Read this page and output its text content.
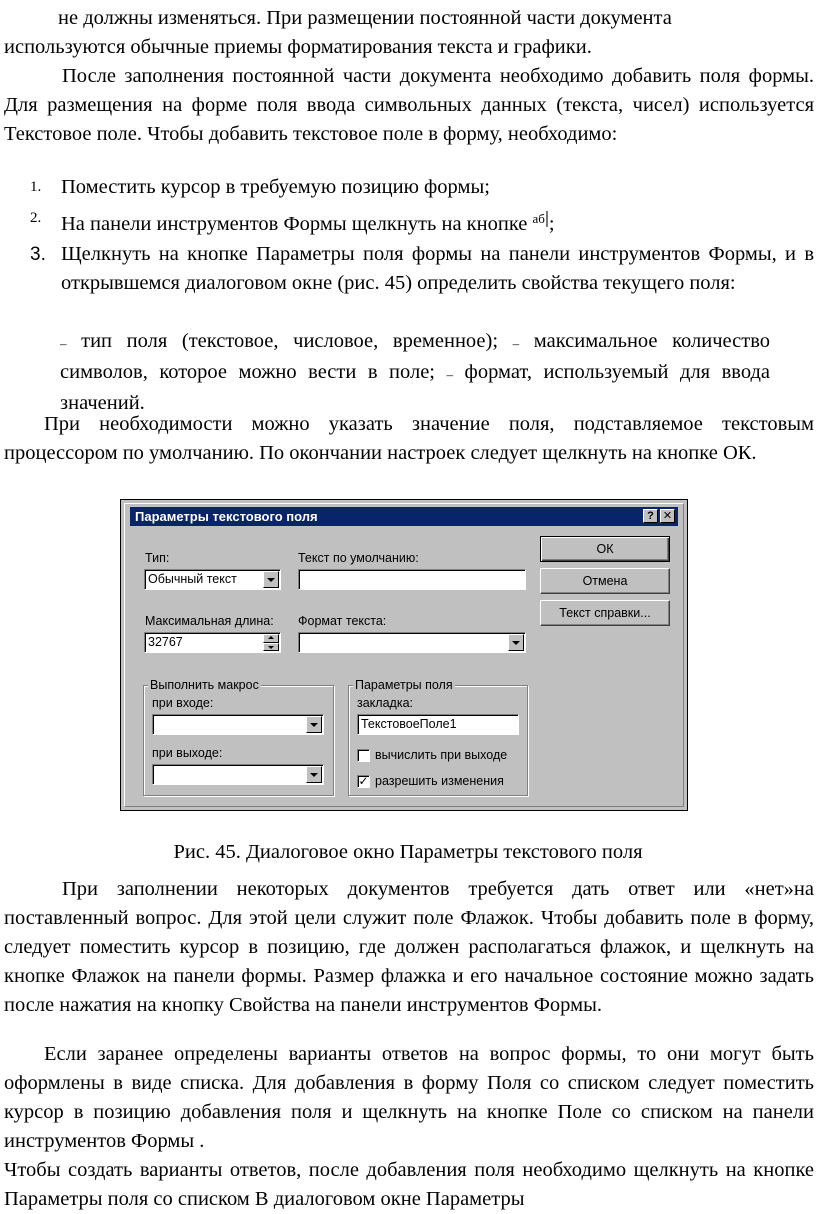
не должны изменяться. При размещении постоянной части документа

используются обычные приемы форматирования текста и графики.

После заполнения постоянной части документа необходимо добавить поля формы. Для размещения на форме поля ввода символьных данных (текста, чисел) используется Текстовое поле. Чтобы добавить текстовое поле в форму, необходимо:

1. Поместить курсор в требуемую позицию формы;

2. На панели инструментов Формы щелкнуть на кнопке $^{аб}$ ;

3. Щелкнуть на кнопке Параметры поля формы на панели инструментов Формы, и в открывшемся диалоговом окне (рис. 45) определить свойства текущего поля:

– тип поля (текстовое, числовое, временное); – максимальное количество символов, которое можно вести в поле; – формат, используемый для ввода значений.

При необходимости можно указать значение поля, подставляемое текстовым процессором по умолчанию. По окончании настроек следует щелкнуть на кнопке ОК.

Параметры текстового поля	? ✕
Тип:
Обычный текст
Текст по умолчанию:
Максимальная длина:
32767
Формат текста:
ОК
Отмена
Текст справки...
Выполнить макрос
при входе:
при выходе:
Параметры поля
закладка:
ТекстовоеПоле1
вычислить при выходе
✓ разрешить изменения
Рис. 45. Диалоговое окно Параметры текстового поля

При заполнении некоторых документов требуется дать ответ или «нет»на поставленный вопрос. Для этой цели служит поле Флажок. Чтобы добавить поле в форму, следует поместить курсор в позицию, где должен располагаться флажок, и щелкнуть на кнопке Флажок на панели формы. Размер флажка и его начальное состояние можно задать после нажатия на кнопку Свойства на панели инструментов Формы.

Если заранее определены варианты ответов на вопрос формы, то они могут быть оформлены в виде списка. Для добавления в форму Поля со списком следует поместить курсор в позицию добавления поля и щелкнуть на кнопке Поле со списком на панели инструментов Формы .

Чтобы создать варианты ответов, после добавления поля необходимо щелкнуть на кнопке Параметры поля со списком В диалоговом окне Параметры
